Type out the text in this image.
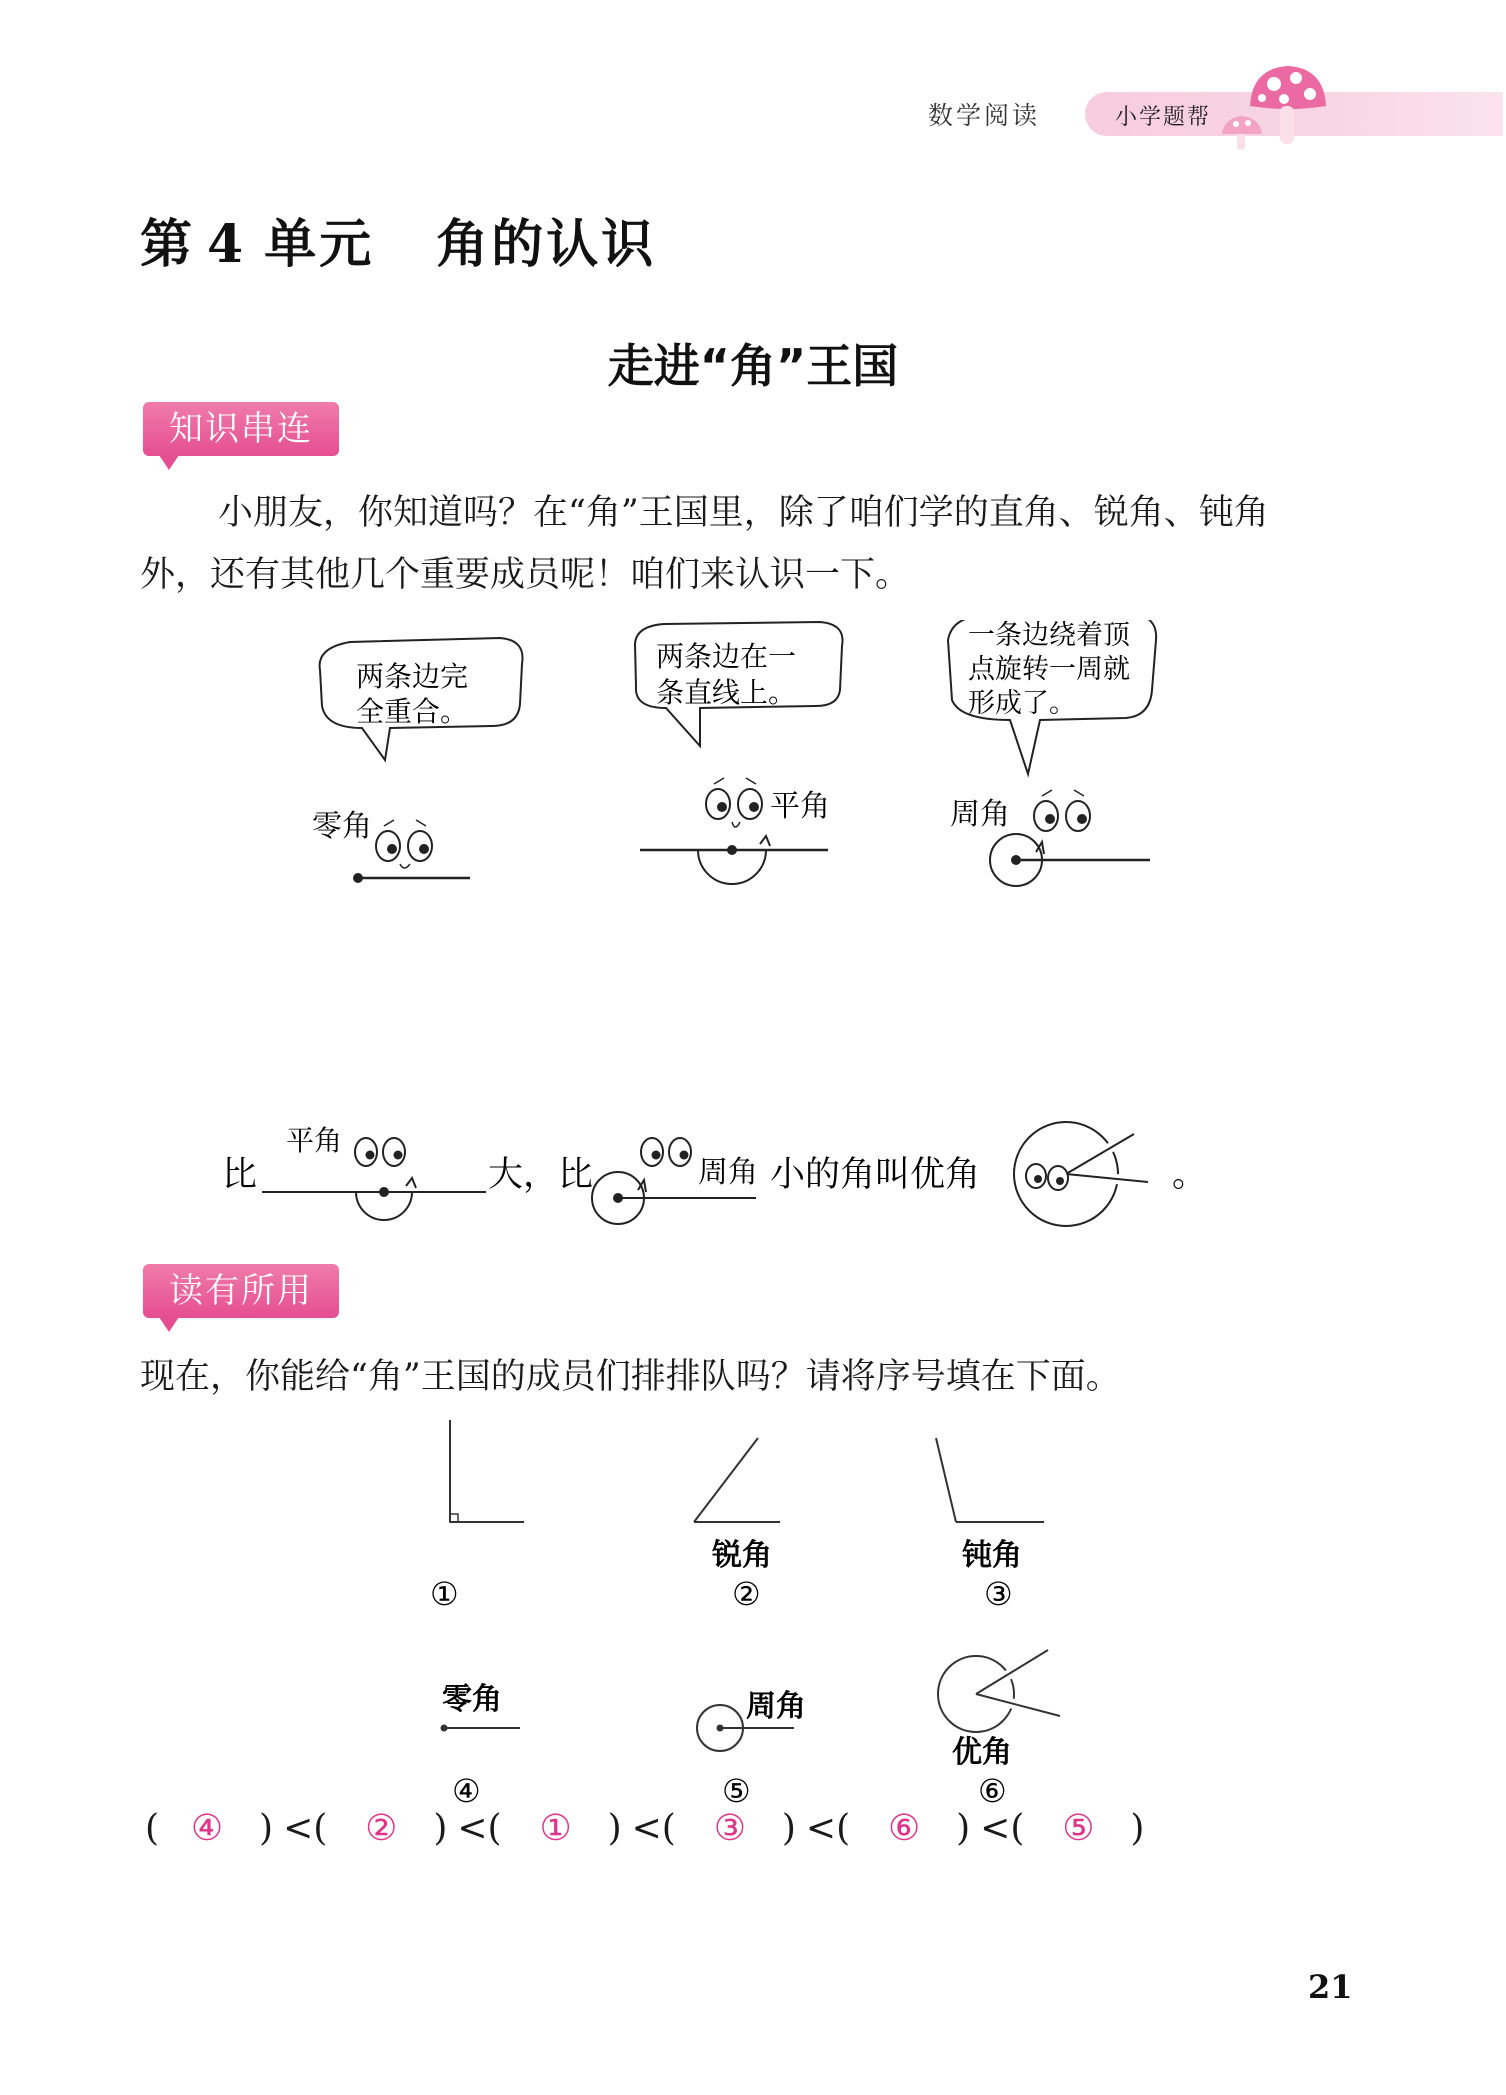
数学阅读	小学题帮
第 4 单元 角的认识
走进“角”王国
知识串连
小朋友，你知道吗？在“角”王国里，除了咱们学的直角、锐角、钝角
外，还有其他几个重要成员呢！咱们来认识一下。
两条边完
全重合。
零角
两条边在一
条直线上。
平角
一条边绕着顶
点旋转一周就
形成了。
周角
比
平角
大，比	周角 小的角叫优角	。
读有所用
现在，你能给“角”王国的成员们排排队吗？请将序号填在下面。
①
锐角
②
钝角
③
零角
④
周角
⑤
优角
⑥
( ④ ) <( ② ) <( ① ) <( ③ ) <( ⑥ ) <( ⑤ )
21
